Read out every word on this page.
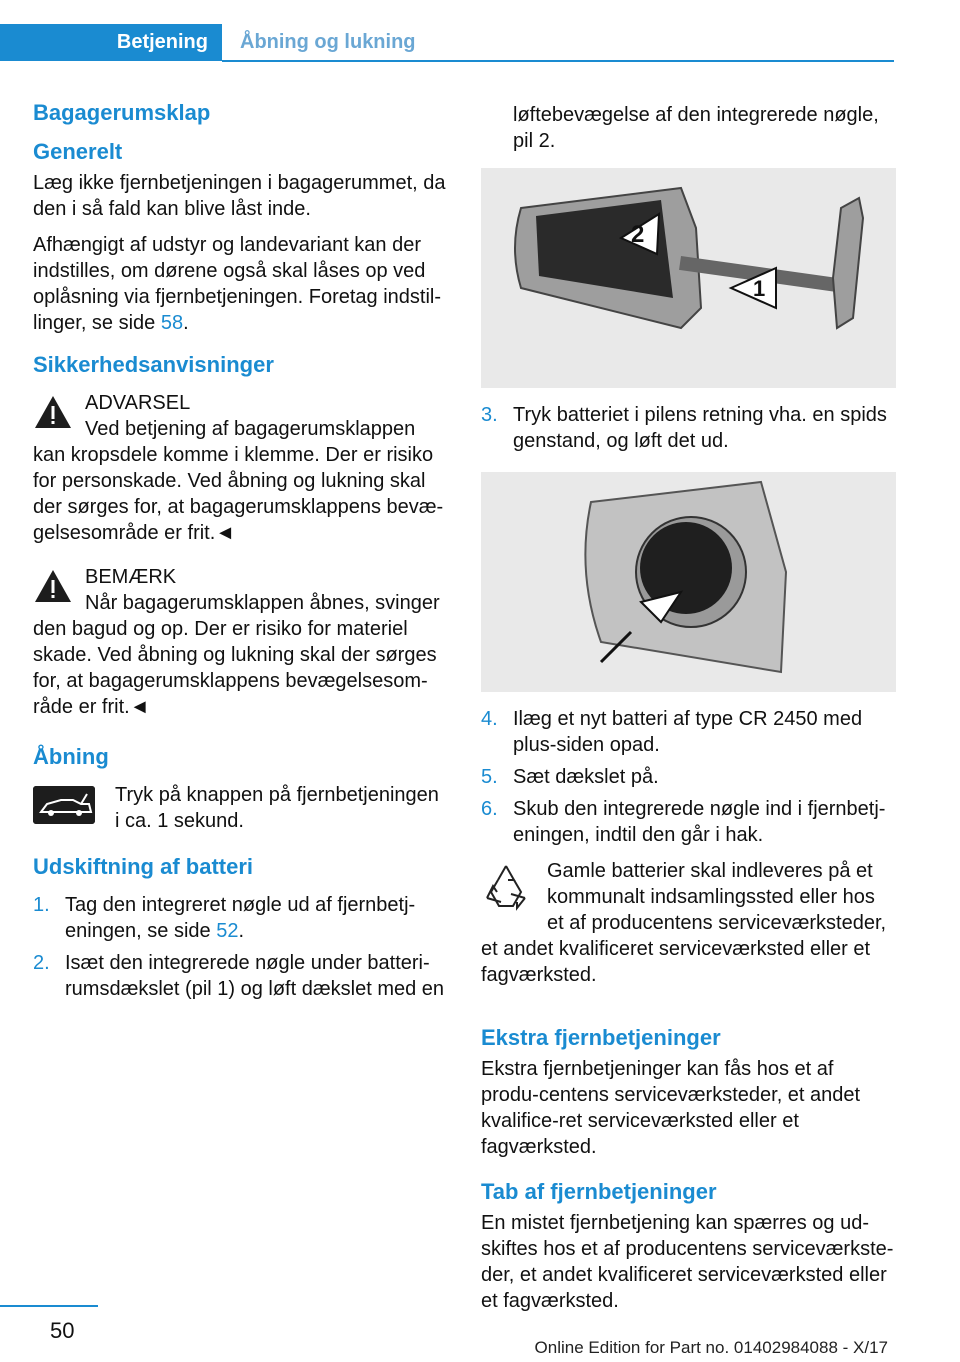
Betjening	Åbning og lukning
Bagagerumsklap
Generelt

Læg ikke fjernbetjeningen i bagagerummet, da den i så fald kan blive låst inde.

Afhængigt af udstyr og landevariant kan der indstilles, om dørene også skal låses op ved oplåsning via fjernbetjeningen. Foretag indstil-linger, se side 58.

Sikkerhedsanvisninger
ADVARSEL
Ved betjening af bagagerumsklappen
kan kropsdele komme i klemme. Der er risiko for personskade. Ved åbning og lukning skal der sørges for, at bagagerumsklappens bevæ-gelsesområde er frit.◄
BEMÆRK
Når bagagerumsklappen åbnes, svinger
den bagud og op. Der er risiko for materiel skade. Ved åbning og lukning skal der sørges for, at bagagerumsklappens bevægelsesom-råde er frit.◄
Åbning
Tryk på knappen på fjernbetjeningen i ca. 1 sekund.
Udskiftning af batteri
1. Tag den integreret nøgle ud af fjernbetj-eningen, se side 52.
2. Isæt den integrerede nøgle under batteri-rumsdækslet (pil 1) og løft dækslet med en
løftebevægelse af den integrerede nøgle, pil 2.
2
1
3. Tryk batteriet i pilens retning vha. en spids genstand, og løft det ud.
4. Ilæg et nyt batteri af type CR 2450 med plus-siden opad.
5. Sæt dækslet på.
6. Skub den integrerede nøgle ind i fjernbetj-eningen, indtil den går i hak.
Gamle batterier skal indleveres på et kommunalt indsamlingssted eller hos et af producentens serviceværksteder,
et andet kvalificeret serviceværksted eller et fagværksted.
Ekstra fjernbetjeninger

Ekstra fjernbetjeninger kan fås hos et af produ-centens serviceværksteder, et andet kvalifice-ret serviceværksted eller et fagværksted.

Tab af fjernbetjeninger

En mistet fjernbetjening kan spærres og ud-skiftes hos et af producentens serviceværkste-der, et andet kvalificeret serviceværksted eller et fagværksted.

50
Online Edition for Part no. 01402984088 - X/17
